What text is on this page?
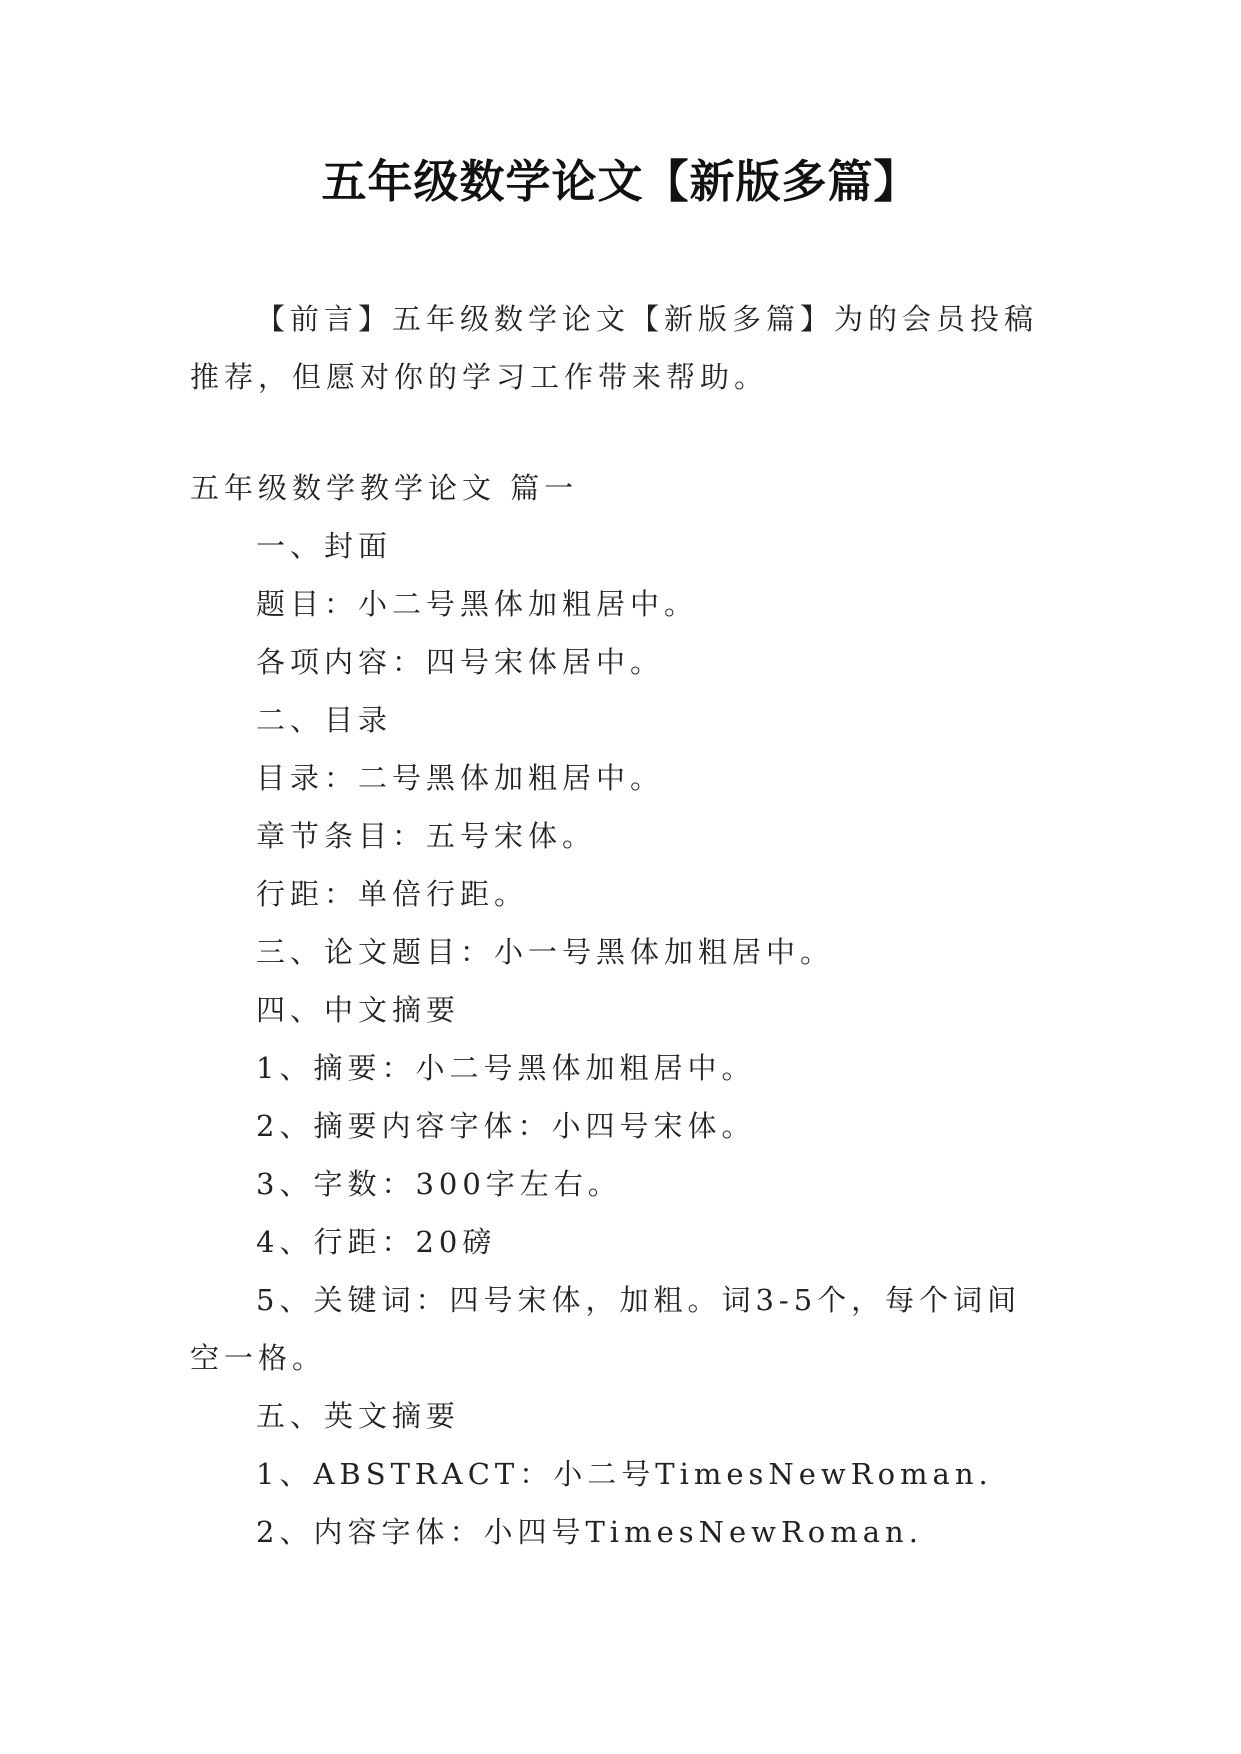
五年级数学论文【新版多篇】
【前言】五年级数学论文【新版多篇】为的会员投稿推荐，但愿对你的学习工作带来帮助。

五年级数学教学论文 篇一

一、封面

题目：小二号黑体加粗居中。

各项内容：四号宋体居中。

二、目录

目录：二号黑体加粗居中。

章节条目：五号宋体。

行距：单倍行距。

三、论文题目：小一号黑体加粗居中。

四、中文摘要

1、摘要：小二号黑体加粗居中。

2、摘要内容字体：小四号宋体。

3、字数：300字左右。

4、行距：20磅

5、关键词：四号宋体，加粗。词3-5个，每个词间空一格。

五、英文摘要

1、ABSTRACT：小二号TimesNewRoman.

2、内容字体：小四号TimesNewRoman.
